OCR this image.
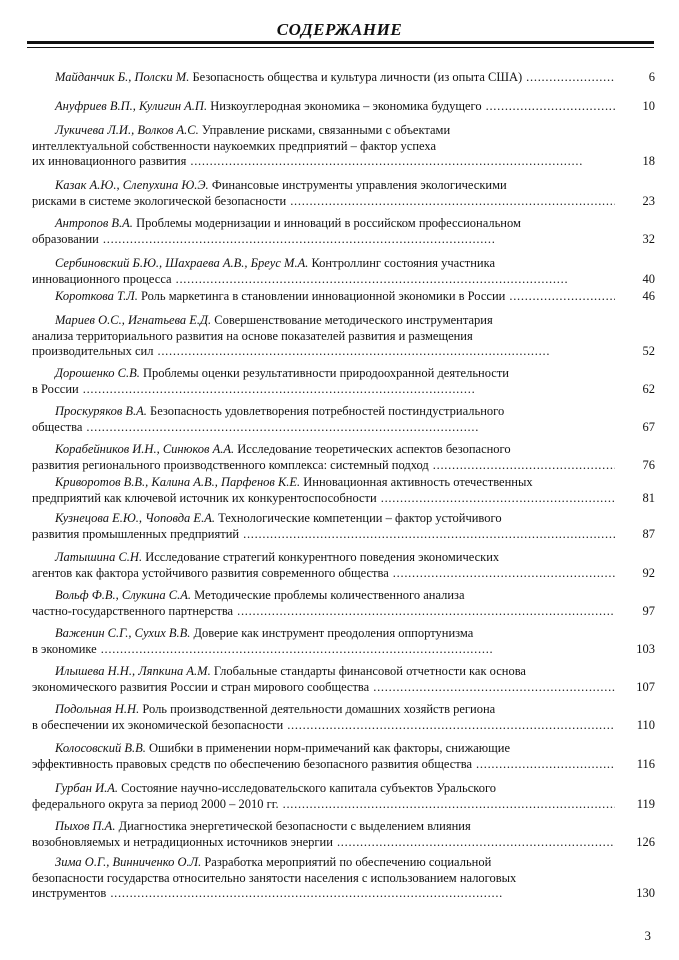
СОДЕРЖАНИЕ
Майданчик Б., Полски М. Безопасность общества и культура личности (из опыта США) . . .	6
Ануфриев В.П., Кулигин А.П. Низкоуглеродная экономика – экономика будущего . . .	10
Лукичева Л.И., Волков А.С. Управление рисками, связанными с объектами
интеллектуальной собственности наукоемких предприятий – фактор успеха
их инновационного развития . . .	18
Казак А.Ю., Слепухина Ю.Э. Финансовые инструменты управления экологическими
рисками в системе экологической безопасности . . .	23
Антропов В.А. Проблемы модернизации и инноваций в российском профессиональном
образовании . . .	32
Сербиновский Б.Ю., Шахраева А.В., Бреус М.А. Контроллинг состояния участника
инновационного процесса . . .	40
Короткова Т.Л. Роль маркетинга в становлении инновационной экономики в России . . .	46
Мариев О.С., Игнатьева Е.Д. Совершенствование методического инструментария
анализа территориального развития на основе показателей развития и размещения
производительных сил . . .	52
Дорошенко С.В. Проблемы оценки результативности природоохранной деятельности
в России . . .	62
Проскуряков В.А. Безопасность удовлетворения потребностей постиндустриального
общества . . .	67
Корабейников И.Н., Синюков А.А. Исследование теоретических аспектов безопасного
развития регионального производственного комплекса: системный подход . . .	76
Криворотов В.В., Калина А.В., Парфенов К.Е. Инновационная активность отечественных
предприятий как ключевой источник их конкурентоспособности . . .	81
Кузнецова Е.Ю., Чоповда Е.А. Технологические компетенции – фактор устойчивого
развития промышленных предприятий . . .	87
Латышина С.Н. Исследование стратегий конкурентного поведения экономических
агентов как фактора устойчивого развития современного общества . . .	92
Вольф Ф.В., Слукина С.А. Методические проблемы количественного анализа
частно-государственного партнерства . . .	97
Важенин С.Г., Сухих В.В. Доверие как инструмент преодоления оппортунизма
в экономике . . .	103
Илышева Н.Н., Ляпкина А.М. Глобальные стандарты финансовой отчетности как основа
экономического развития России и стран мирового сообщества . . .	107
Подольная Н.Н. Роль производственной деятельности домашних хозяйств региона
в обеспечении их экономической безопасности . . .	110
Колосовский В.В. Ошибки в применении норм-примечаний как факторы, снижающие
эффективность правовых средств по обеспечению безопасного развития общества . . .	116
Гурбан И.А. Состояние научно-исследовательского капитала субъектов Уральского
федерального округа за период 2000 – 2010 гг. . . .	119
Пыхов П.А. Диагностика энергетической безопасности с выделением влияния
возобновляемых и нетрадиционных источников энергии . . .	126
Зима О.Г., Винниченко О.Л. Разработка мероприятий по обеспечению социальной
безопасности государства относительно занятости населения с использованием налоговых
инструментов . . .	130
3
